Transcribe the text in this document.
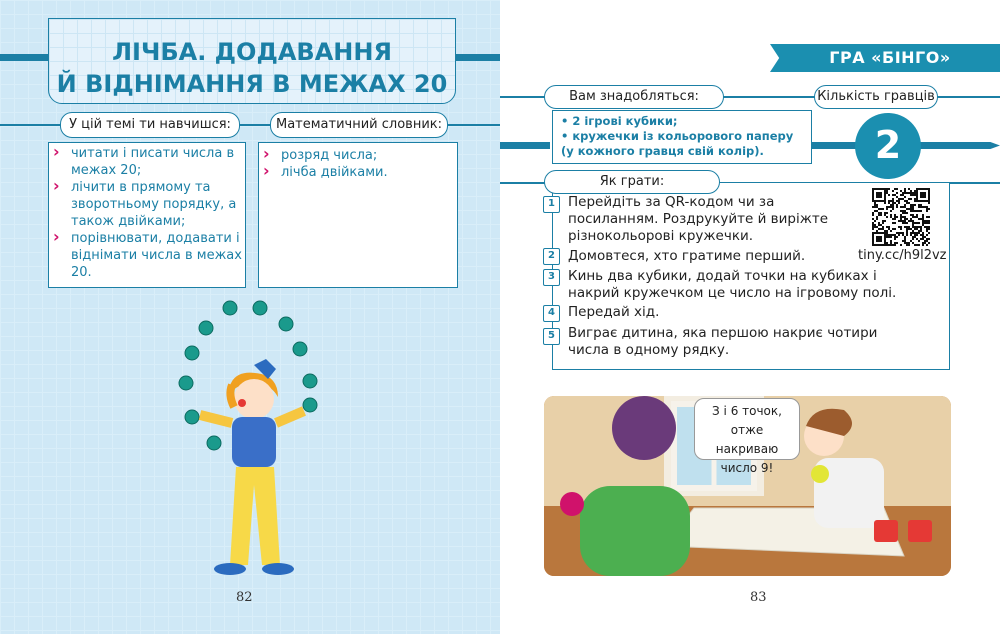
ЛІЧБА. ДОДАВАННЯ
Й ВІДНІМАННЯ В МЕЖАХ 20
У цій темі ти навчишся:	Математичний словник:
› читати і писати числа в межах 20;
› лічити в прямому та зворотньому порядку, а також двійками;
› порівнювати, додавати і віднімати числа в межах 20.
› розряд числа;
› лічба двійками.
82
ГРА «БІНГО»
Вам знадобляться:	Кількість гравців
• 2 ігрові кубики;
• кружечки із кольорового паперу
(у кожного гравця свій колір).	2
Як грати:
1 Перейдіть за QR-кодом чи за посиланням. Роздрукуйте й виріжте різнокольорові кружечки.
2 Домовтеся, хто гратиме перший.
3 Кинь два кубики, додай точки на кубиках і накрий кружечком це число на ігровому полі.
4 Передай хід.
5 Виграє дитина, яка першою накриє чотири числа в одному рядку.
tiny.cc/h9l2vz
З і 6 точок, отже накриваю число 9!
83
